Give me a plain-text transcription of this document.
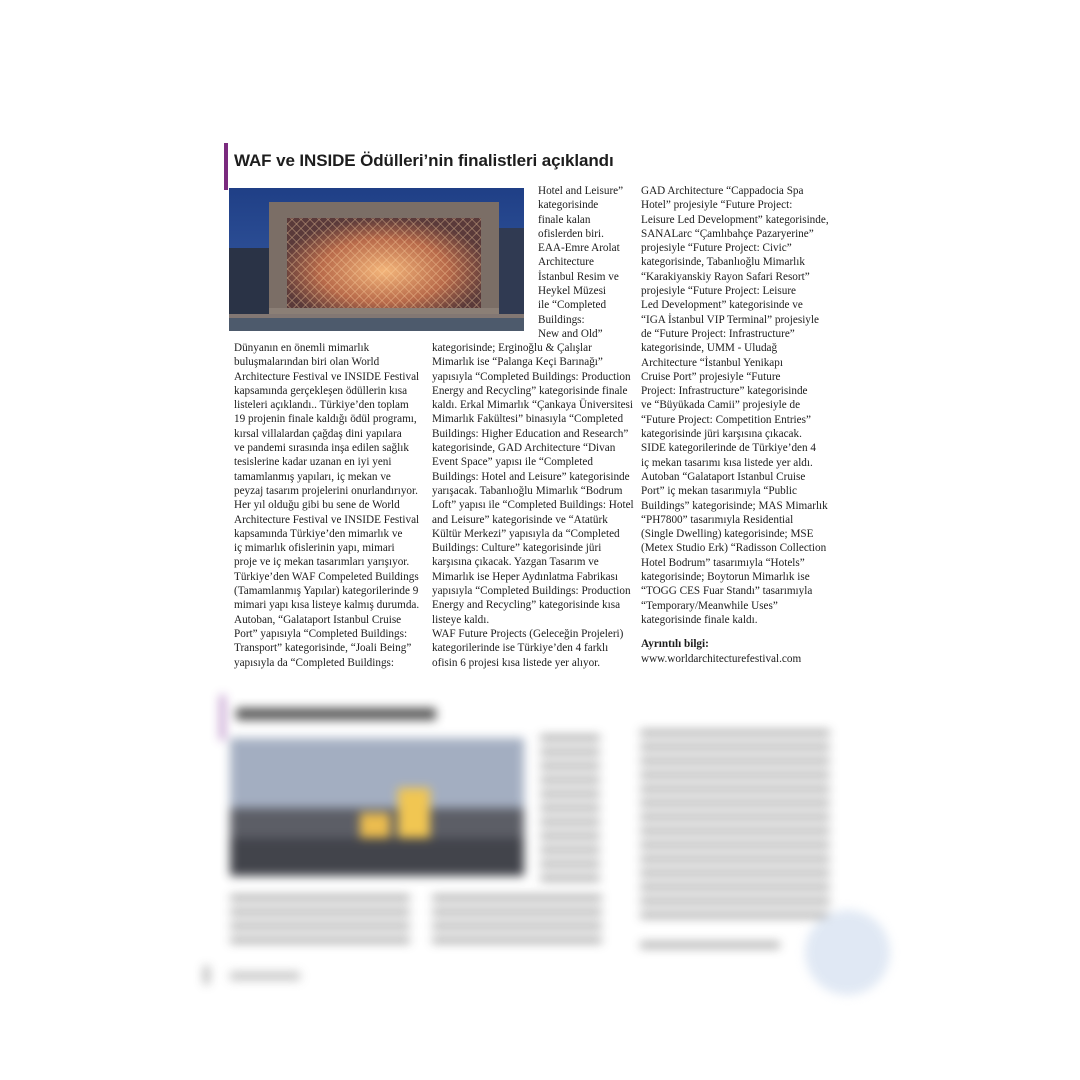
WAF ve INSIDE Ödülleri’nin finalistleri açıklandı

Hotel and Leisure”

kategorisinde

finale kalan

ofislerden biri.

EAA-Emre Arolat

Architecture

İstanbul Resim ve

Heykel Müzesi

ile “Completed

Buildings:

New and Old”

Dünyanın en önemli mimarlık

buluşmalarından biri olan World

Architecture Festival ve INSIDE Festival

kapsamında gerçekleşen ödüllerin kısa

listeleri açıklandı.. Türkiye’den toplam

19 projenin finale kaldığı ödül programı,

kırsal villalardan çağdaş dini yapılara

ve pandemi sırasında inşa edilen sağlık

tesislerine kadar uzanan en iyi yeni

tamamlanmış yapıları, iç mekan ve

peyzaj tasarım projelerini onurlandırıyor.

Her yıl olduğu gibi bu sene de World

Architecture Festival ve INSIDE Festival

kapsamında Türkiye’den mimarlık ve

iç mimarlık ofislerinin yapı, mimari

proje ve iç mekan tasarımları yarışıyor.

Türkiye’den WAF Compeleted Buildings

(Tamamlanmış Yapılar) kategorilerinde 9

mimari yapı kısa listeye kalmış durumda.

Autoban, “Galataport Istanbul Cruise

Port” yapısıyla “Completed Buildings:

Transport” kategorisinde, “Joali Being”

yapısıyla da “Completed Buildings:

kategorisinde; Erginoğlu & Çalışlar

Mimarlık ise “Palanga Keçi Barınağı”

yapısıyla “Completed Buildings: Production

Energy and Recycling” kategorisinde finale

kaldı. Erkal Mimarlık “Çankaya Üniversitesi

Mimarlık Fakültesi” binasıyla “Completed

Buildings: Higher Education and Research”

kategorisinde, GAD Architecture “Divan

Event Space” yapısı ile “Completed

Buildings: Hotel and Leisure” kategorisinde

yarışacak. Tabanlıoğlu Mimarlık “Bodrum

Loft” yapısı ile “Completed Buildings: Hotel

and Leisure” kategorisinde ve “Atatürk

Kültür Merkezi” yapısıyla da “Completed

Buildings: Culture” kategorisinde jüri

karşısına çıkacak. Yazgan Tasarım ve

Mimarlık ise Heper Aydınlatma Fabrikası

yapısıyla “Completed Buildings: Production

Energy and Recycling” kategorisinde kısa

listeye kaldı.

WAF Future Projects (Geleceğin Projeleri)

kategorilerinde ise Türkiye’den 4 farklı

ofisin 6 projesi kısa listede yer alıyor.

GAD Architecture “Cappadocia Spa

Hotel” projesiyle “Future Project:

Leisure Led Development” kategorisinde,

SANALarc “Çamlıbahçe Pazaryerine”

projesiyle “Future Project: Civic”

kategorisinde, Tabanlıoğlu Mimarlık

“Karakiyanskiy Rayon Safari Resort”

projesiyle “Future Project: Leisure

Led Development” kategorisinde ve

“IGA İstanbul VIP Terminal” projesiyle

de “Future Project: Infrastructure”

kategorisinde, UMM - Uludağ

Architecture “İstanbul Yenikapı

Cruise Port” projesiyle “Future

Project: Infrastructure” kategorisinde

ve “Büyükada Camii” projesiyle de

“Future Project: Competition Entries”

kategorisinde jüri karşısına çıkacak.

SIDE kategorilerinde de Türkiye’den 4

iç mekan tasarımı kısa listede yer aldı.

Autoban “Galataport Istanbul Cruise

Port” iç mekan tasarımıyla “Public

Buildings” kategorisinde; MAS Mimarlık

“PH7800” tasarımıyla Residential

(Single Dwelling) kategorisinde; MSE

(Metex Studio Erk) “Radisson Collection

Hotel Bodrum” tasarımıyla “Hotels”

kategorisinde; Boytorun Mimarlık ise

“TOGG CES Fuar Standı” tasarımıyla

“Temporary/Meanwhile Uses”

kategorisinde finale kaldı.

Ayrıntılı bilgi:

www.worldarchitecturefestival.com
